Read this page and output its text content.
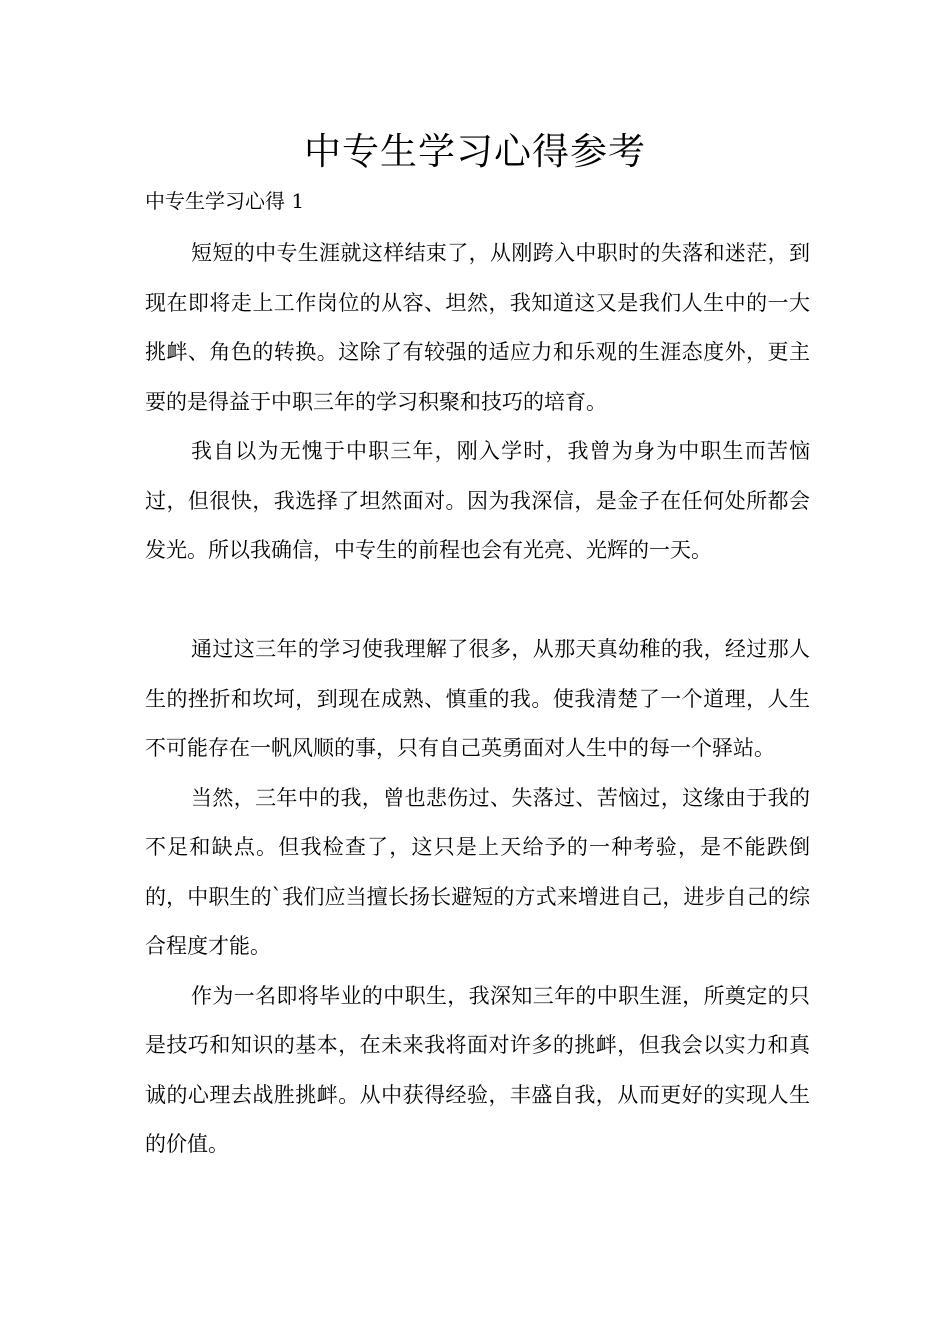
中专生学习心得参考
中专生学习心得 1

短短的中专生涯就这样结束了，从刚跨入中职时的失落和迷茫，到现在即将走上工作岗位的从容、坦然，我知道这又是我们人生中的一大挑衅、角色的转换。这除了有较强的适应力和乐观的生涯态度外，更主要的是得益于中职三年的学习积聚和技巧的培育。

我自以为无愧于中职三年，刚入学时，我曾为身为中职生而苦恼过，但很快，我选择了坦然面对。因为我深信，是金子在任何处所都会发光。所以我确信，中专生的前程也会有光亮、光辉的一天。

通过这三年的学习使我理解了很多，从那天真幼稚的我，经过那人生的挫折和坎坷，到现在成熟、慎重的我。使我清楚了一个道理，人生不可能存在一帆风顺的事，只有自己英勇面对人生中的每一个驿站。

当然，三年中的我，曾也悲伤过、失落过、苦恼过，这缘由于我的不足和缺点。但我检查了，这只是上天给予的一种考验，是不能跌倒的，中职生的`我们应当擅长扬长避短的方式来增进自己，进步自己的综合程度才能。

作为一名即将毕业的中职生，我深知三年的中职生涯，所奠定的只是技巧和知识的基本，在未来我将面对许多的挑衅，但我会以实力和真诚的心理去战胜挑衅。从中获得经验，丰盛自我，从而更好的实现人生的价值。
